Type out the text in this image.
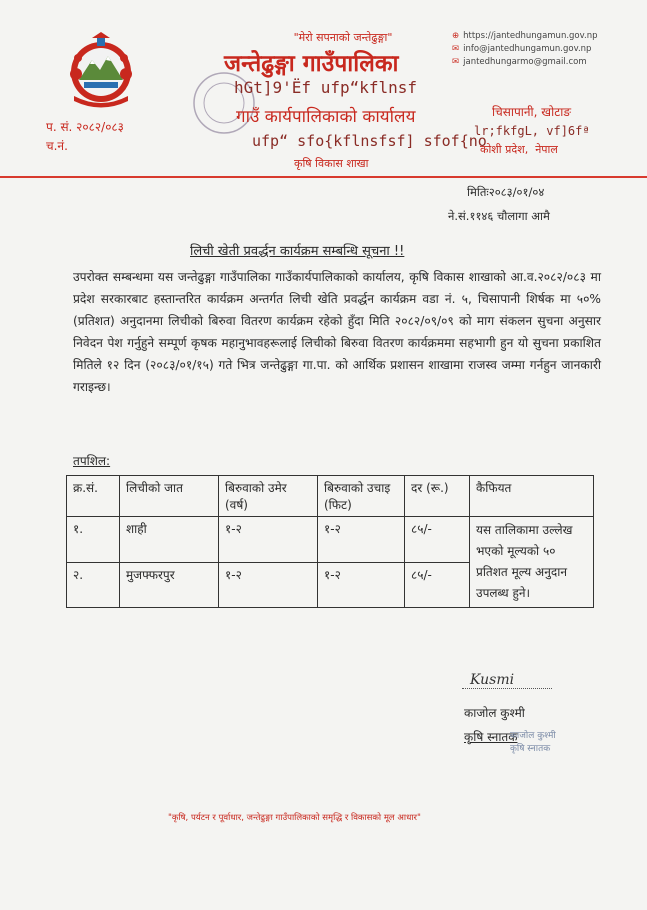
"मेरो सपनाको जन्तेढुङ्गा"
जन्तेढुङ्गा गाउँपालिका
hGt]9'Ëf ufp“kflnsf
गाउँ कार्यपालिकाको कार्यालय
ufp“ sfo{kflnsfsf] sfof{no
कृषि विकास शाखा
⊕ https://jantedhungamun.gov.np
✉ info@jantedhungamun.gov.np
✉ jantedhungarmo@gmail.com
प. सं. २०८२/०८३
च.नं.
चिसापानी, खोटाङ
lr;fkfgL, vf]6fª
कोशी प्रदेश,  नेपाल
मितिः२०८३/०१/०४
ने.सं.११४६ चौलागा आमै
लिची खेती प्रवर्द्धन कार्यक्रम सम्बन्धि सूचना !!
उपरोक्त सम्बन्धमा यस जन्तेढुङ्गा गाउँपालिका गाउँकार्यपालिकाको कार्यालय, कृषि विकास शाखाको आ.व.२०८२/०८३ मा प्रदेश सरकारबाट हस्तान्तरित कार्यक्रम अन्तर्गत लिची खेति प्रवर्द्धन कार्यक्रम वडा नं. ५, चिसापानी शिर्षक मा ५०% (प्रतिशत) अनुदानमा लिचीको बिरुवा वितरण कार्यक्रम रहेको हुँदा मिति २०८२/०९/०९ को माग संकलन सुचना अनुसार निवेदन पेश गर्नुहुने सम्पूर्ण कृषक महानुभावहरूलाई लिचीको बिरुवा वितरण कार्यक्रममा सहभागी हुन यो सुचना प्रकाशित मितिले १२ दिन (२०८३/०१/१५) गते भित्र जन्तेढुङ्गा गा.पा. को आर्थिक प्रशासन शाखामा राजस्व जम्मा गर्नहुन जानकारी गराइन्छ।
तपशिल:
क्र.सं.	लिचीको जात	बिरुवाको उमेर (वर्ष)	बिरुवाको उचाइ (फिट)	दर (रू.)	कैफियत
१.	शाही	१-२	१-२	८५/-	यस तालिकामा उल्लेख भएको मूल्यको ५० प्रतिशत मूल्य अनुदान उपलब्ध हुने।
२.	मुजफ्फरपुर	१-२	१-२	८५/-	
Kusmi
काजोल कुश्मी
कृषि स्नातक
काजोल कुश्मी
कृषि स्नातक
"कृषि, पर्यटन र पूर्वाधार, जन्तेढुङ्गा गाउँपालिकाको समृद्धि र विकासको मूल आधार"
